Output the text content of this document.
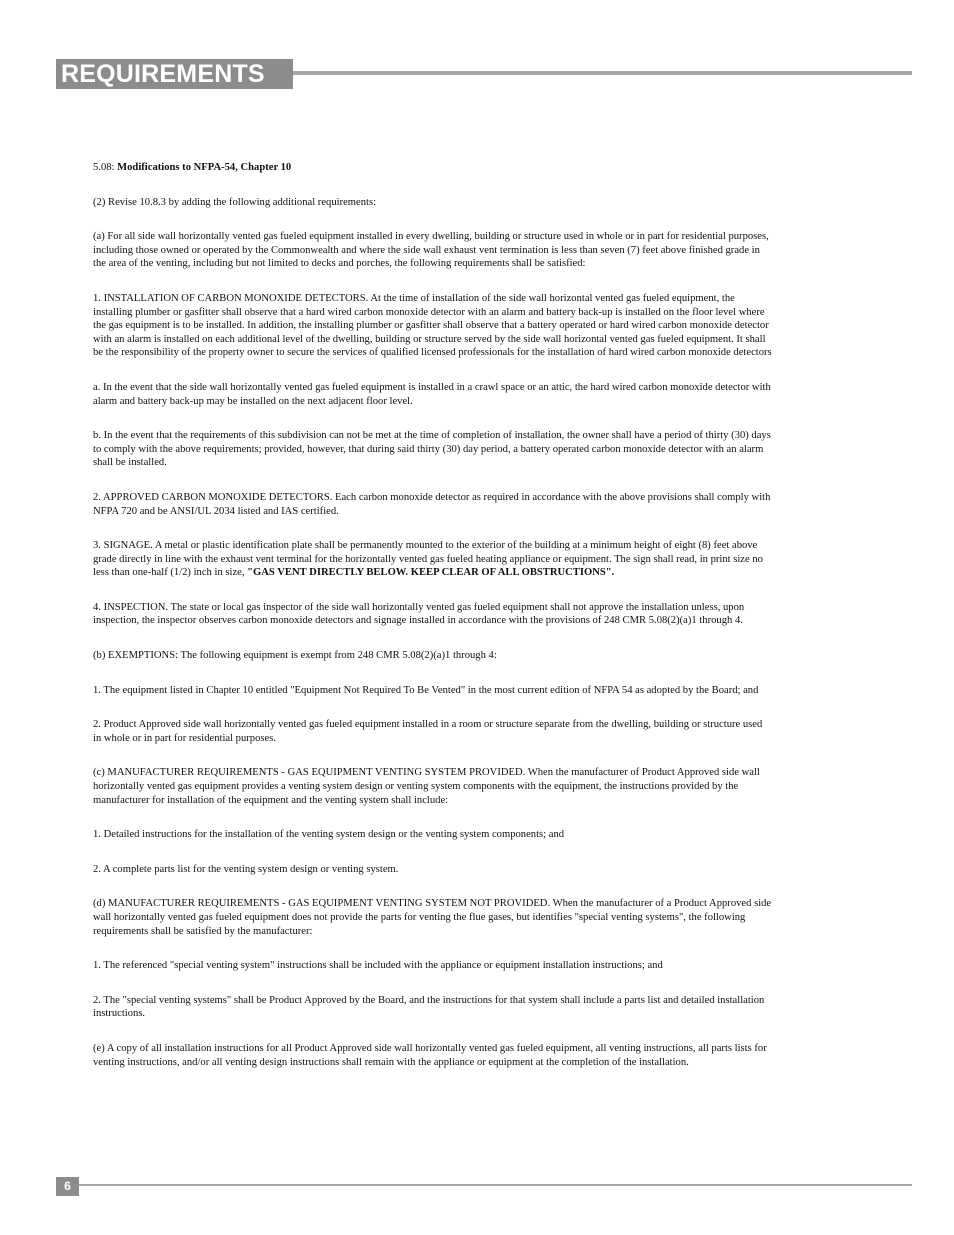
REQUIREMENTS

5.08: Modifications to NFPA-54, Chapter 10

(2) Revise 10.8.3 by adding the following additional requirements:

(a) For all side wall horizontally vented gas fueled equipment installed in every dwelling, building or structure used in whole or in part for residential purposes, including those owned or operated by the Commonwealth and where the side wall exhaust vent termination is less than seven (7) feet above finished grade in the area of the venting, including but not limited to decks and porches, the following requirements shall be satisfied:

1. INSTALLATION OF CARBON MONOXIDE DETECTORS. At the time of installation of the side wall horizontal vented gas fueled equipment, the installing plumber or gasfitter shall observe that a hard wired carbon monoxide detector with an alarm and battery back-up is installed on the floor level where the gas equipment is to be installed. In addition, the installing plumber or gasfitter shall observe that a battery operated or hard wired carbon monoxide detector with an alarm is installed on each additional level of the dwelling, building or structure served by the side wall horizontal vented gas fueled equipment. It shall be the responsibility of the property owner to secure the services of qualified licensed professionals for the installation of hard wired carbon monoxide detectors

a. In the event that the side wall horizontally vented gas fueled equipment is installed in a crawl space or an attic, the hard wired carbon monoxide detector with alarm and battery back-up may be installed on the next adjacent floor level.

b. In the event that the requirements of this subdivision can not be met at the time of completion of installation, the owner shall have a period of thirty (30) days to comply with the above requirements; provided, however, that during said thirty (30) day period, a battery operated carbon monoxide detector with an alarm shall be installed.

2. APPROVED CARBON MONOXIDE DETECTORS. Each carbon monoxide detector as required in accordance with the above provisions shall comply with NFPA 720 and be ANSI/UL 2034 listed and IAS certified.

3. SIGNAGE. A metal or plastic identification plate shall be permanently mounted to the exterior of the building at a minimum height of eight (8) feet above grade directly in line with the exhaust vent terminal for the horizontally vented gas fueled heating appliance or equipment. The sign shall read, in print size no less than one-half (1/2) inch in size, "GAS VENT DIRECTLY BELOW. KEEP CLEAR OF ALL OBSTRUCTIONS".

4. INSPECTION. The state or local gas inspector of the side wall horizontally vented gas fueled equipment shall not approve the installation unless, upon inspection, the inspector observes carbon monoxide detectors and signage installed in accordance with the provisions of 248 CMR 5.08(2)(a)1 through 4.

(b) EXEMPTIONS: The following equipment is exempt from 248 CMR 5.08(2)(a)1 through 4:

1. The equipment listed in Chapter 10 entitled "Equipment Not Required To Be Vented" in the most current edition of NFPA 54 as adopted by the Board; and

2. Product Approved side wall horizontally vented gas fueled equipment installed in a room or structure separate from the dwelling, building or structure used in whole or in part for residential purposes.

(c) MANUFACTURER REQUIREMENTS - GAS EQUIPMENT VENTING SYSTEM PROVIDED. When the manufacturer of Product Approved side wall horizontally vented gas equipment provides a venting system design or venting system components with the equipment, the instructions provided by the manufacturer for installation of the equipment and the venting system shall include:

1. Detailed instructions for the installation of the venting system design or the venting system components; and

2. A complete parts list for the venting system design or venting system.

(d) MANUFACTURER REQUIREMENTS - GAS EQUIPMENT VENTING SYSTEM NOT PROVIDED. When the manufacturer of a Product Approved side wall horizontally vented gas fueled equipment does not provide the parts for venting the flue gases, but identifies "special venting systems", the following requirements shall be satisfied by the manufacturer:

1. The referenced "special venting system" instructions shall be included with the appliance or equipment installation instructions; and

2. The "special venting systems" shall be Product Approved by the Board, and the instructions for that system shall include a parts list and detailed installation instructions.

(e) A copy of all installation instructions for all Product Approved side wall horizontally vented gas fueled equipment, all venting instructions, all parts lists for venting instructions, and/or all venting design instructions shall remain with the appliance or equipment at the completion of the installation.

6
